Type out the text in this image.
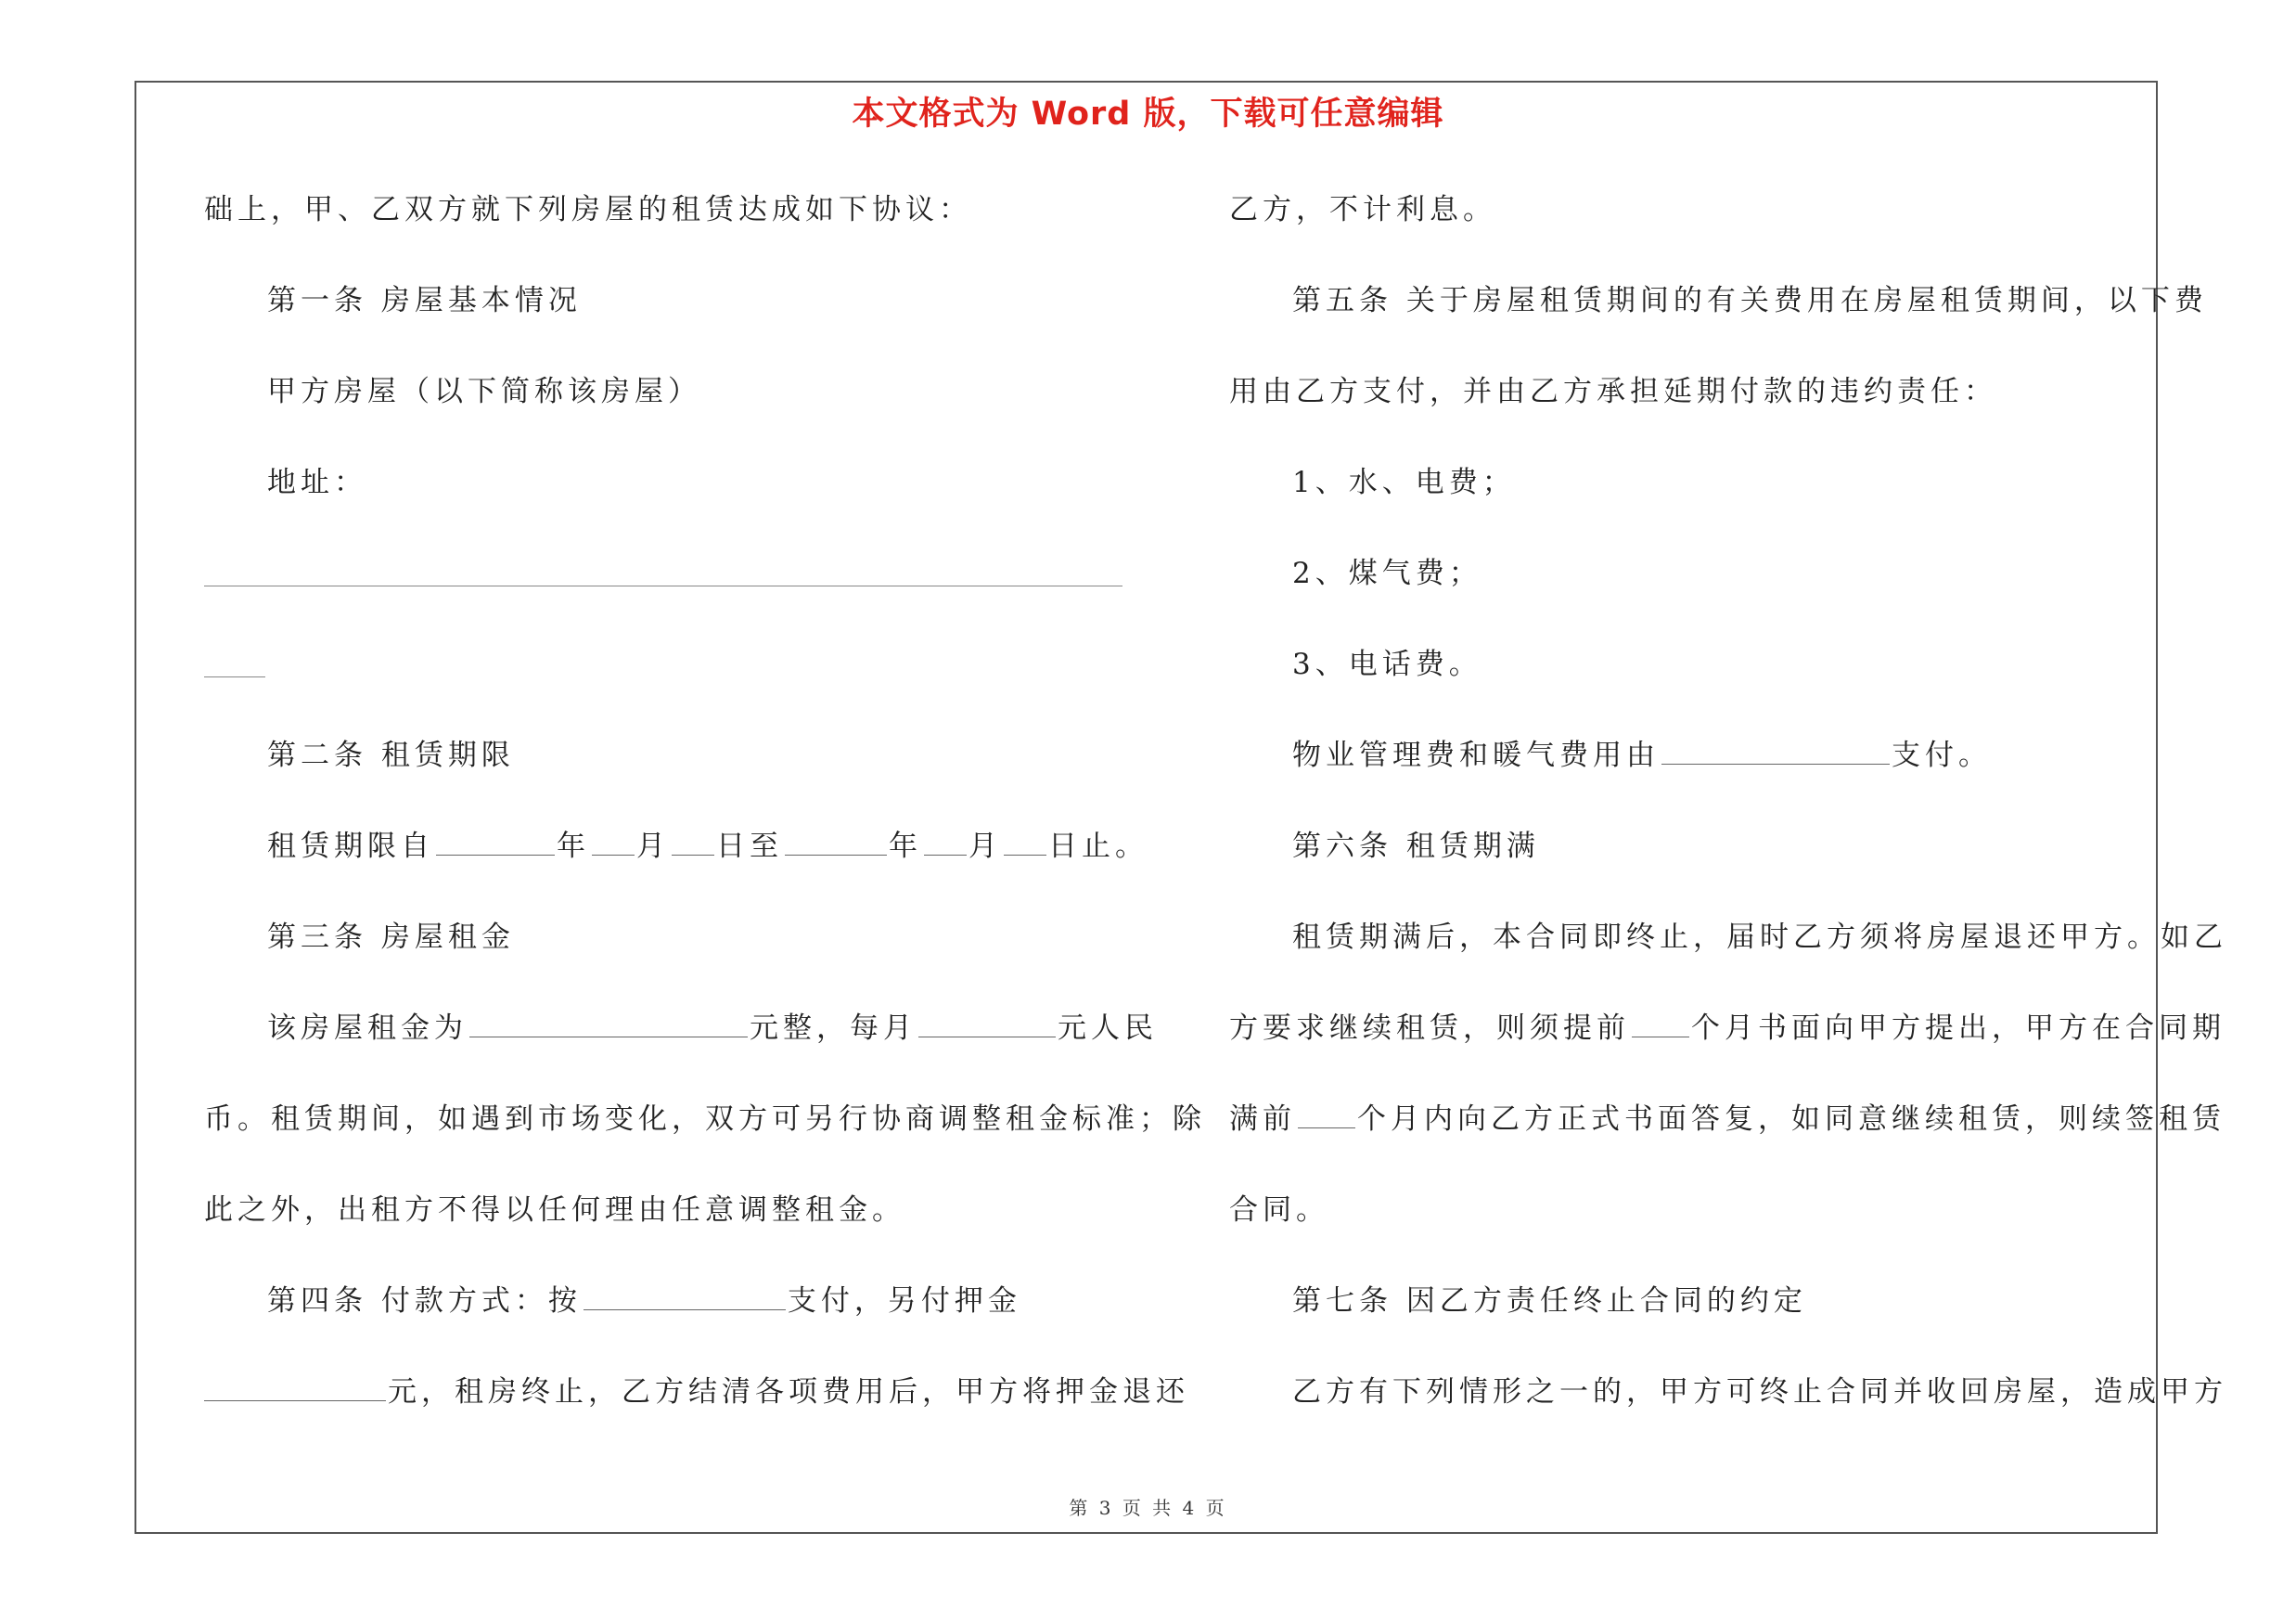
本文格式为 Word 版，下载可任意编辑
础上，甲、乙双方就下列房屋的租赁达成如下协议：
第一条 房屋基本情况
甲方房屋（以下简称该房屋）
地址：
第二条 租赁期限
租赁期限自	年 月 日至	年 月 日止。
第三条 房屋租金
该房屋租金为	元整，每月	元人民
币。租赁期间，如遇到市场变化，双方可另行协商调整租金标准；除
此之外，出租方不得以任何理由任意调整租金。
第四条 付款方式：按	支付，另付押金
元，租房终止，乙方结清各项费用后，甲方将押金退还
乙方，不计利息。
第五条 关于房屋租赁期间的有关费用在房屋租赁期间，以下费
用由乙方支付，并由乙方承担延期付款的违约责任：
1、水、电费；
2、煤气费；
3、电话费。
物业管理费和暖气费用由	支付。
第六条 租赁期满
租赁期满后，本合同即终止，届时乙方须将房屋退还甲方。如乙
方要求继续租赁，则须提前 个月书面向甲方提出，甲方在合同期
满前 个月内向乙方正式书面答复，如同意继续租赁，则续签租赁
合同。
第七条 因乙方责任终止合同的约定
乙方有下列情形之一的，甲方可终止合同并收回房屋，造成甲方
第 3 页 共 4 页
